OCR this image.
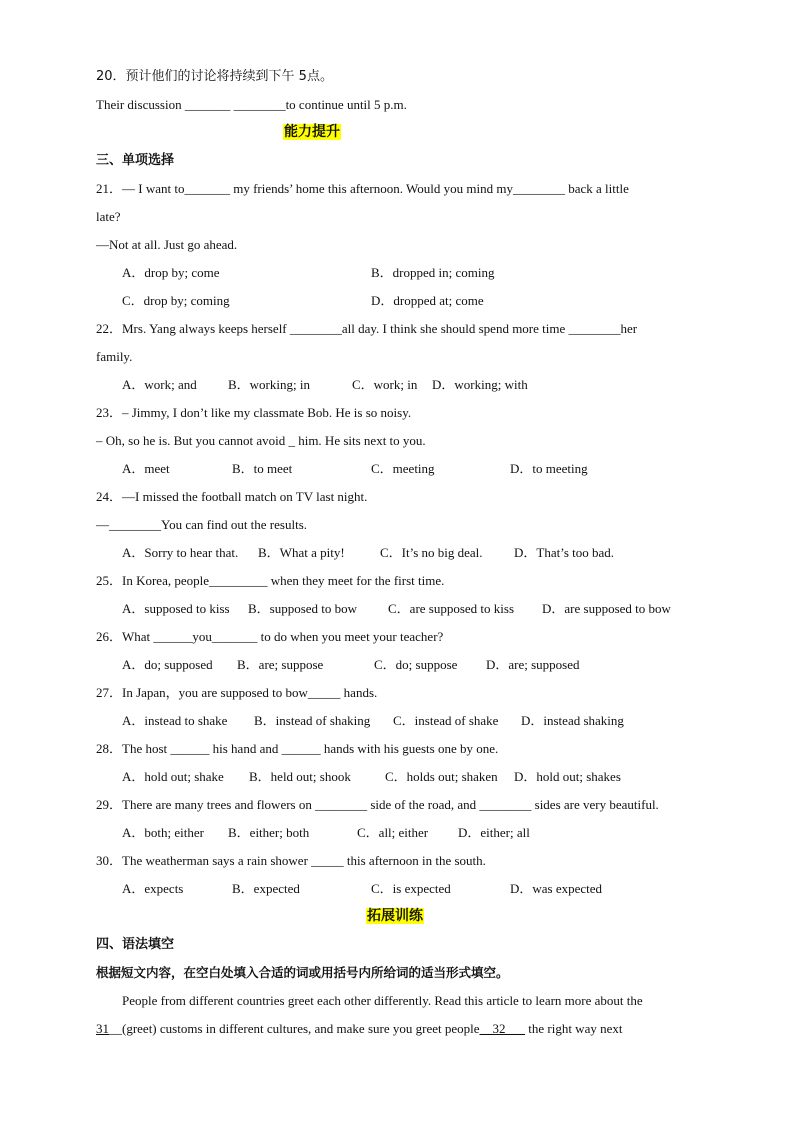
20．预计他们的讨论将持续到下午 5点。
Their discussion _______ ________to continue until 5 p.m.
能力提升
三、单项选择
21．— I want to_______ my friends’ home this afternoon. Would you mind my________ back a little
late?
—Not at all. Just go ahead.
A．drop by; come	B．dropped in; coming
C．drop by; coming	D．dropped at; come
22．Mrs. Yang always keeps herself ________all day. I think she should spend more time ________her
family.
A．work; and B．working; in	C．work; in D．working; with
23．– Jimmy, I don’t like my classmate Bob. He is so noisy.
– Oh, so he is. But you cannot avoid _ him. He sits next to you.
A．meet	B．to meet	C．meeting	D．to meeting
24．—I missed the football match on TV last night.
—________You can find out the results.
A．Sorry to hear that. B．What a pity!	C．It’s no big deal. D．That’s too bad.
25．In Korea, people_________ when they meet for the first time.
A．supposed to kiss B．supposed to bow C．are supposed to kiss D．are supposed to bow
26．What ______you_______ to do when you meet your teacher?
A．do; supposed B．are; suppose	C．do; suppose D．are; supposed
27．In Japan，you are supposed to bow_____ hands.
A．instead to shake B．instead of shaking C．instead of shake D．instead shaking
28．The host ______ his hand and ______ hands with his guests one by one.
A．hold out; shake B．held out; shook	C．holds out; shaken D．hold out; shakes
29．There are many trees and flowers on ________ side of the road, and ________ sides are very beautiful.
A．both; either B．either; both	C．all; either D．either; all
30．The weatherman says a rain shower _____ this afternoon in the south.
A．expects	B．expected	C．is expected	D．was expected
拓展训练
四、语法填空
根据短文内容，在空白处填入合适的词或用括号内所给词的适当形式填空。
People from different countries greet each other differently. Read this article to learn more about the
31__(greet) customs in different cultures, and make sure you greet people__32___ the right way next
